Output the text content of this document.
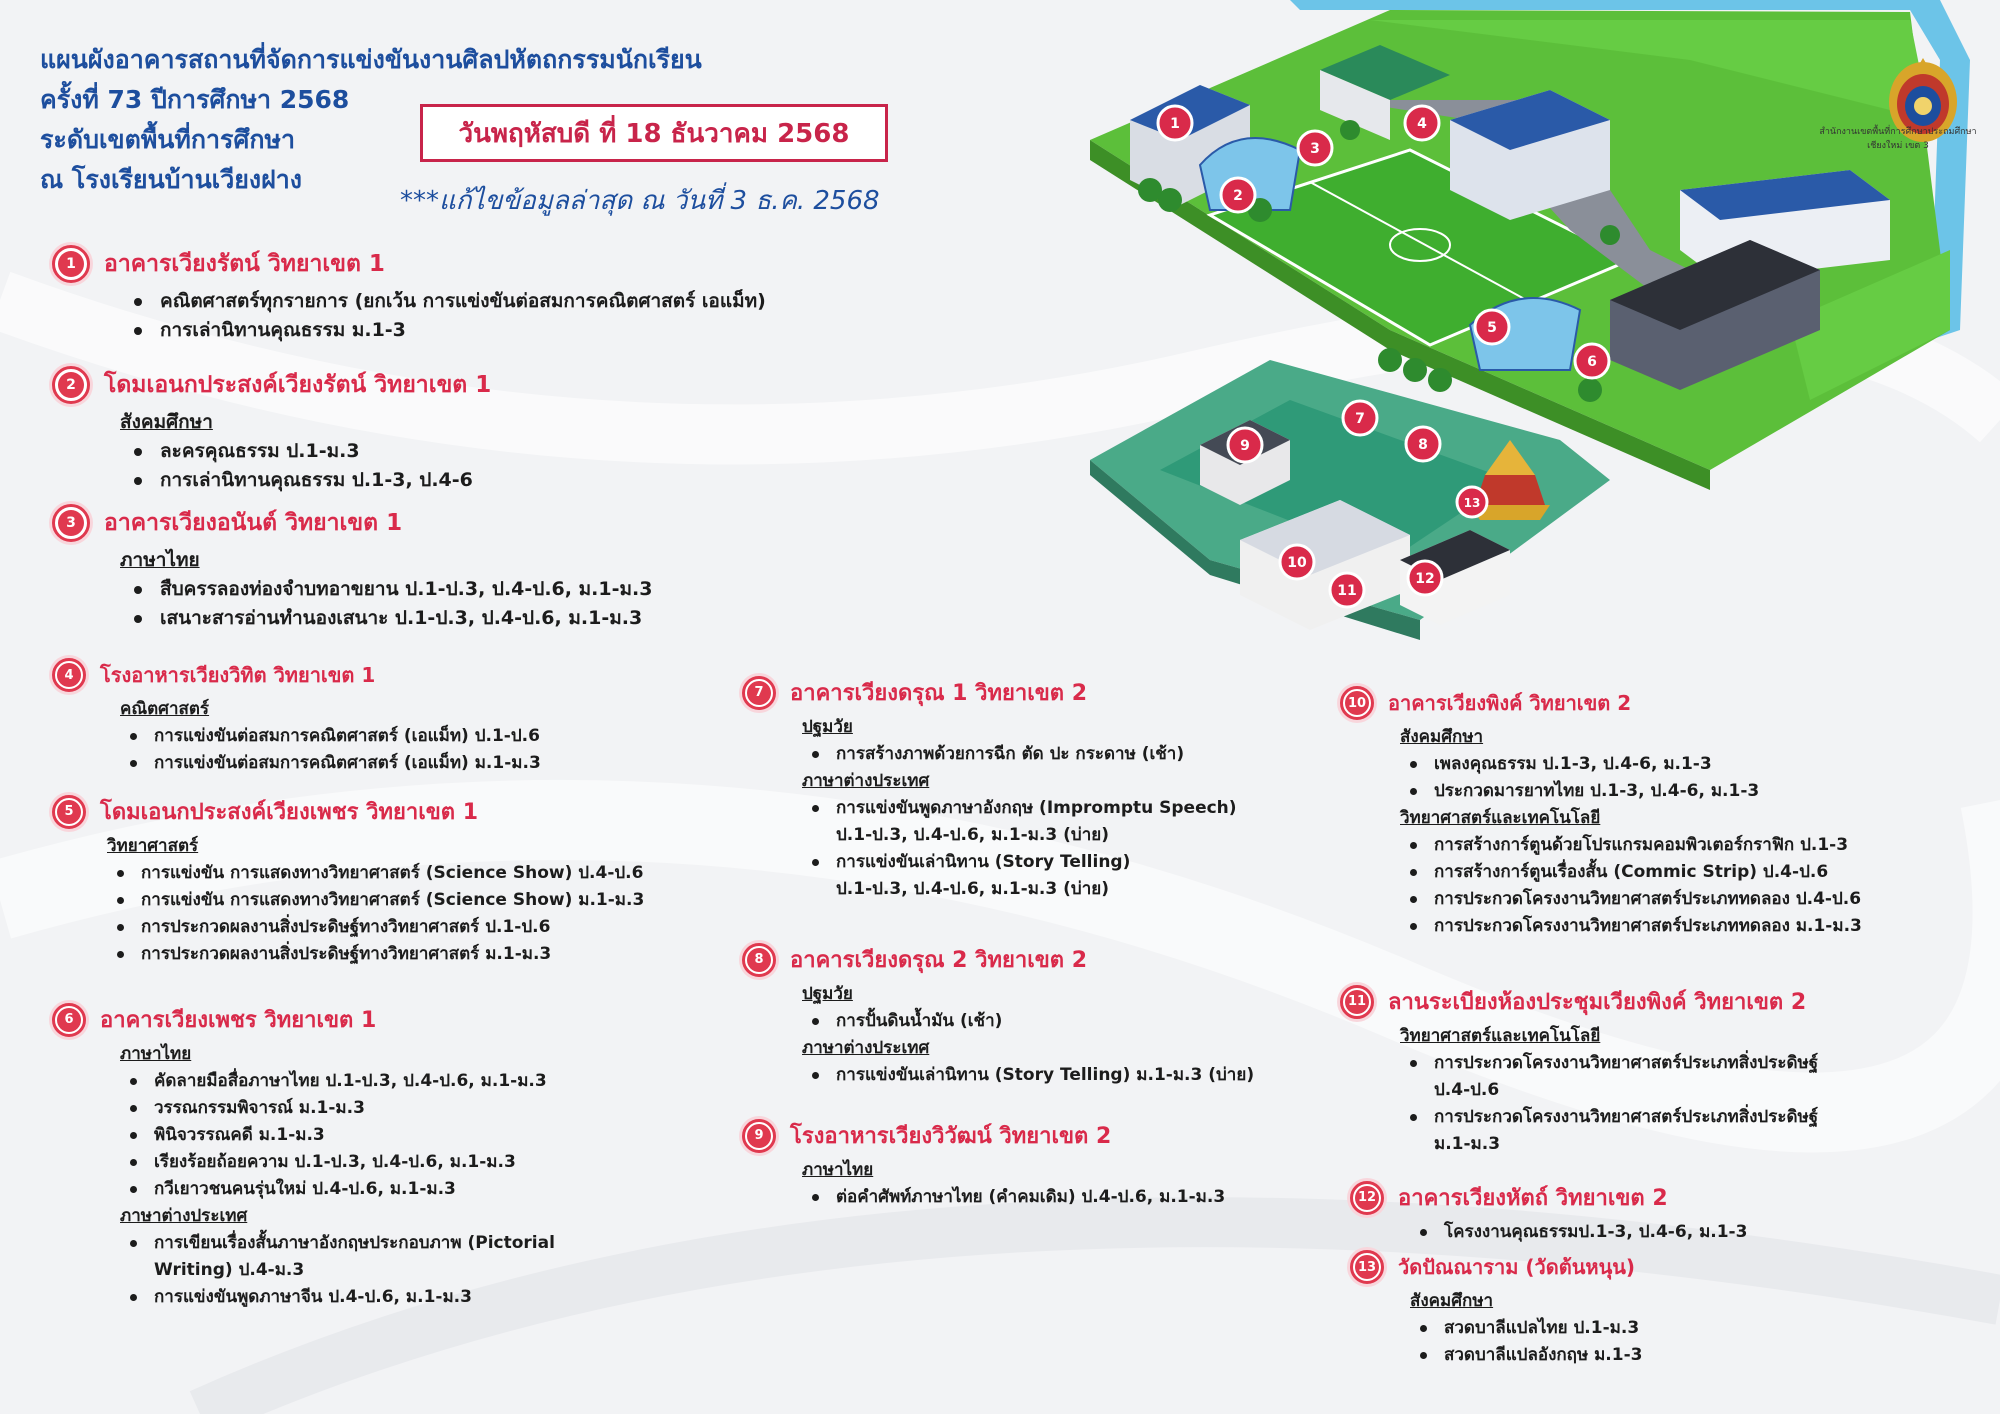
แผนผังอาคารสถานที่จัดการแข่งขันงานศิลปหัตถกรรมนักเรียน
ครั้งที่ 73 ปีการศึกษา 2568
ระดับเขตพื้นที่การศึกษา
ณ โรงเรียนบ้านเวียงฝาง
วันพฤหัสบดี ที่ 18 ธันวาคม 2568
***แก้ไขข้อมูลล่าสุด ณ วันที่ 3 ธ.ค. 2568
สำนักงานเขตพื้นที่การศึกษาประถมศึกษาเชียงใหม่ เขต 3
1
2
3
4
5
6
7
8
9
10
11
12
13
1	อาคารเวียงรัตน์ วิทยาเขต 1
คณิตศาสตร์ทุกรายการ (ยกเว้น การแข่งขันต่อสมการคณิตศาสตร์ เอแม็ท)
การเล่านิทานคุณธรรม ม.1-3
2	โดมเอนกประสงค์เวียงรัตน์ วิทยาเขต 1
สังคมศึกษา
ละครคุณธรรม ป.1-ม.3
การเล่านิทานคุณธรรม ป.1-3, ป.4-6
3	อาคารเวียงอนันต์ วิทยาเขต 1
ภาษาไทย
สืบครรลองท่องจำบทอาขยาน ป.1-ป.3, ป.4-ป.6, ม.1-ม.3
เสนาะสารอ่านทำนองเสนาะ ป.1-ป.3, ป.4-ป.6, ม.1-ม.3
4	โรงอาหารเวียงวิทิต วิทยาเขต 1
คณิตศาสตร์
การแข่งขันต่อสมการคณิตศาสตร์ (เอแม็ท) ป.1-ป.6
การแข่งขันต่อสมการคณิตศาสตร์ (เอแม็ท) ม.1-ม.3
5	โดมเอนกประสงค์เวียงเพชร วิทยาเขต 1
วิทยาศาสตร์
การแข่งขัน การแสดงทางวิทยาศาสตร์ (Science Show) ป.4-ป.6
การแข่งขัน การแสดงทางวิทยาศาสตร์ (Science Show) ม.1-ม.3
การประกวดผลงานสิ่งประดิษฐ์ทางวิทยาศาสตร์ ป.1-ป.6
การประกวดผลงานสิ่งประดิษฐ์ทางวิทยาศาสตร์ ม.1-ม.3
6	อาคารเวียงเพชร วิทยาเขต 1
ภาษาไทย
คัดลายมือสื่อภาษาไทย ป.1-ป.3, ป.4-ป.6, ม.1-ม.3
วรรณกรรมพิจารณ์ ม.1-ม.3
พินิจวรรณคดี ม.1-ม.3
เรียงร้อยถ้อยความ ป.1-ป.3, ป.4-ป.6, ม.1-ม.3
กวีเยาวชนคนรุ่นใหม่ ป.4-ป.6, ม.1-ม.3
ภาษาต่างประเทศ
การเขียนเรื่องสั้นภาษาอังกฤษประกอบภาพ (Pictorial
Writing) ป.4-ม.3
การแข่งขันพูดภาษาจีน ป.4-ป.6, ม.1-ม.3
7	อาคารเวียงดรุณ 1 วิทยาเขต 2
ปฐมวัย
การสร้างภาพด้วยการฉีก ตัด ปะ กระดาษ (เช้า)
ภาษาต่างประเทศ
การแข่งขันพูดภาษาอังกฤษ (Impromptu Speech)
ป.1-ป.3, ป.4-ป.6, ม.1-ม.3 (บ่าย)
การแข่งขันเล่านิทาน (Story Telling)
ป.1-ป.3, ป.4-ป.6, ม.1-ม.3 (บ่าย)
8	อาคารเวียงดรุณ 2 วิทยาเขต 2
ปฐมวัย
การปั้นดินน้ำมัน (เช้า)
ภาษาต่างประเทศ
การแข่งขันเล่านิทาน (Story Telling) ม.1-ม.3 (บ่าย)
9	โรงอาหารเวียงวิวัฒน์ วิทยาเขต 2
ภาษาไทย
ต่อคำศัพท์ภาษาไทย (คำคมเดิม) ป.4-ป.6, ม.1-ม.3
10 อาคารเวียงพิงค์ วิทยาเขต 2
สังคมศึกษา
เพลงคุณธรรม ป.1-3, ป.4-6, ม.1-3
ประกวดมารยาทไทย ป.1-3, ป.4-6, ม.1-3
วิทยาศาสตร์และเทคโนโลยี
การสร้างการ์ตูนด้วยโปรแกรมคอมพิวเตอร์กราฟิก ป.1-3
การสร้างการ์ตูนเรื่องสั้น (Commic Strip) ป.4-ป.6
การประกวดโครงงานวิทยาศาสตร์ประเภททดลอง ป.4-ป.6
การประกวดโครงงานวิทยาศาสตร์ประเภททดลอง ม.1-ม.3
11 ลานระเบียงห้องประชุมเวียงพิงค์ วิทยาเขต 2
วิทยาศาสตร์และเทคโนโลยี
การประกวดโครงงานวิทยาศาสตร์ประเภทสิ่งประดิษฐ์
ป.4-ป.6
การประกวดโครงงานวิทยาศาสตร์ประเภทสิ่งประดิษฐ์
ม.1-ม.3
12 อาคารเวียงหัตถ์ วิทยาเขต 2
โครงงานคุณธรรมป.1-3, ป.4-6, ม.1-3
13 วัดปัณณาราม (วัดต้นหนุน)
สังคมศึกษา
สวดบาลีแปลไทย ป.1-ม.3
สวดบาลีแปลอังกฤษ ม.1-3
